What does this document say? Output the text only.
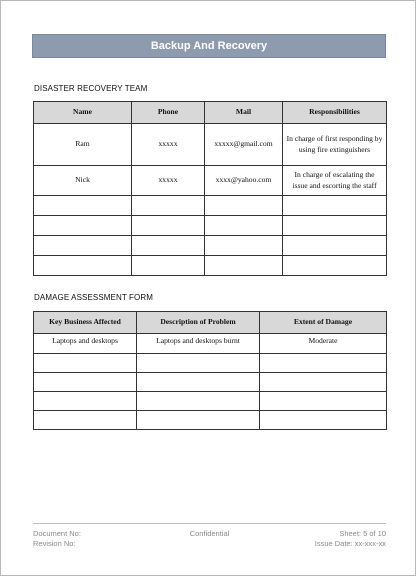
Backup And Recovery
DISASTER RECOVERY TEAM
Name	Phone	Mail	Responsibilities
Ram	xxxxx	xxxxx@gmail.com	In charge of first responding by using fire extinguishers
Nick	xxxxx	xxxx@yahoo.com	In charge of escalating the issue and escorting the staff

DAMAGE ASSESSMENT FORM
Key Business Affected	Description of Problem	Extent of Damage
Laptops and desktops	Laptops and desktops burnt	Moderate

Document No:	Confidential	Sheet: 5 of 10
Revision No:	Issue Date: xx-xxx-xx
